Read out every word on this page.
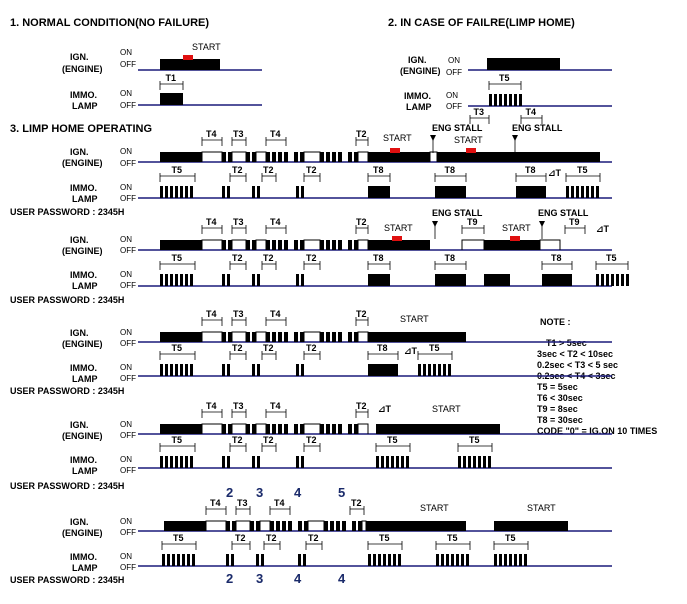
1. NORMAL CONDITION(NO FAILURE)	2. IN CASE OF FAILRE(LIMP HOME)
3. LIMP HOME OPERATING
IGN.
(ENGINE)
ON
OFF
IMMO.
LAMP
ON
OFF
IGN.
(ENGINE)
ON
OFF
IMMO.
LAMP
ON
OFF
IGN.
(ENGINE)
ON
OFF
IMMO.
LAMP
ON
OFF
USER PASSWORD : 2345H
IGN.
(ENGINE)
ON
OFF
IMMO.
LAMP
ON
OFF
USER PASSWORD : 2345H
IGN.
(ENGINE)
ON
OFF
IMMO.
LAMP
ON
OFF
USER PASSWORD : 2345H
IGN.
(ENGINE)
ON
OFF
IMMO.
LAMP
ON
OFF
USER PASSWORD : 2345H
IGN.
(ENGINE)
ON
OFF
IMMO.
LAMP
ON
OFF
USER PASSWORD : 2345H
2 3 4	5
2 3 4	4
NOTE :
T1 > 5sec
3sec < T2 < 10sec
0.2sec < T3 < 5 sec
0.2sec < T4 < 3sec
T5 = 5sec
T6 < 30sec
T9 = 8sec
T8 = 30sec
CODE "0" = IG.ON 10 TIMES
START
T1	T5
T3	T4
T4 T3	T4	T2 START	START
ENG STALL	ENG STALL
T5	T2 T2	T2	T8	T8	T8 ⊿T T5
T4 T3	T4	T2	T9	T9
START	START
ENG STALL	ENG STALL
⊿T
T5	T2 T2	T2	T8	T8	T8	T5
T4 T3	T4	T2	START
T5	T2 T2	T2	T8 ⊿T T5
T4 T3	T4	T2 ⊿T	START
T5	T2 T2	T2	T5	T5
T4 T3	T4	T2	START	START
T5	T2 T2	T2	T5	T5	T5
